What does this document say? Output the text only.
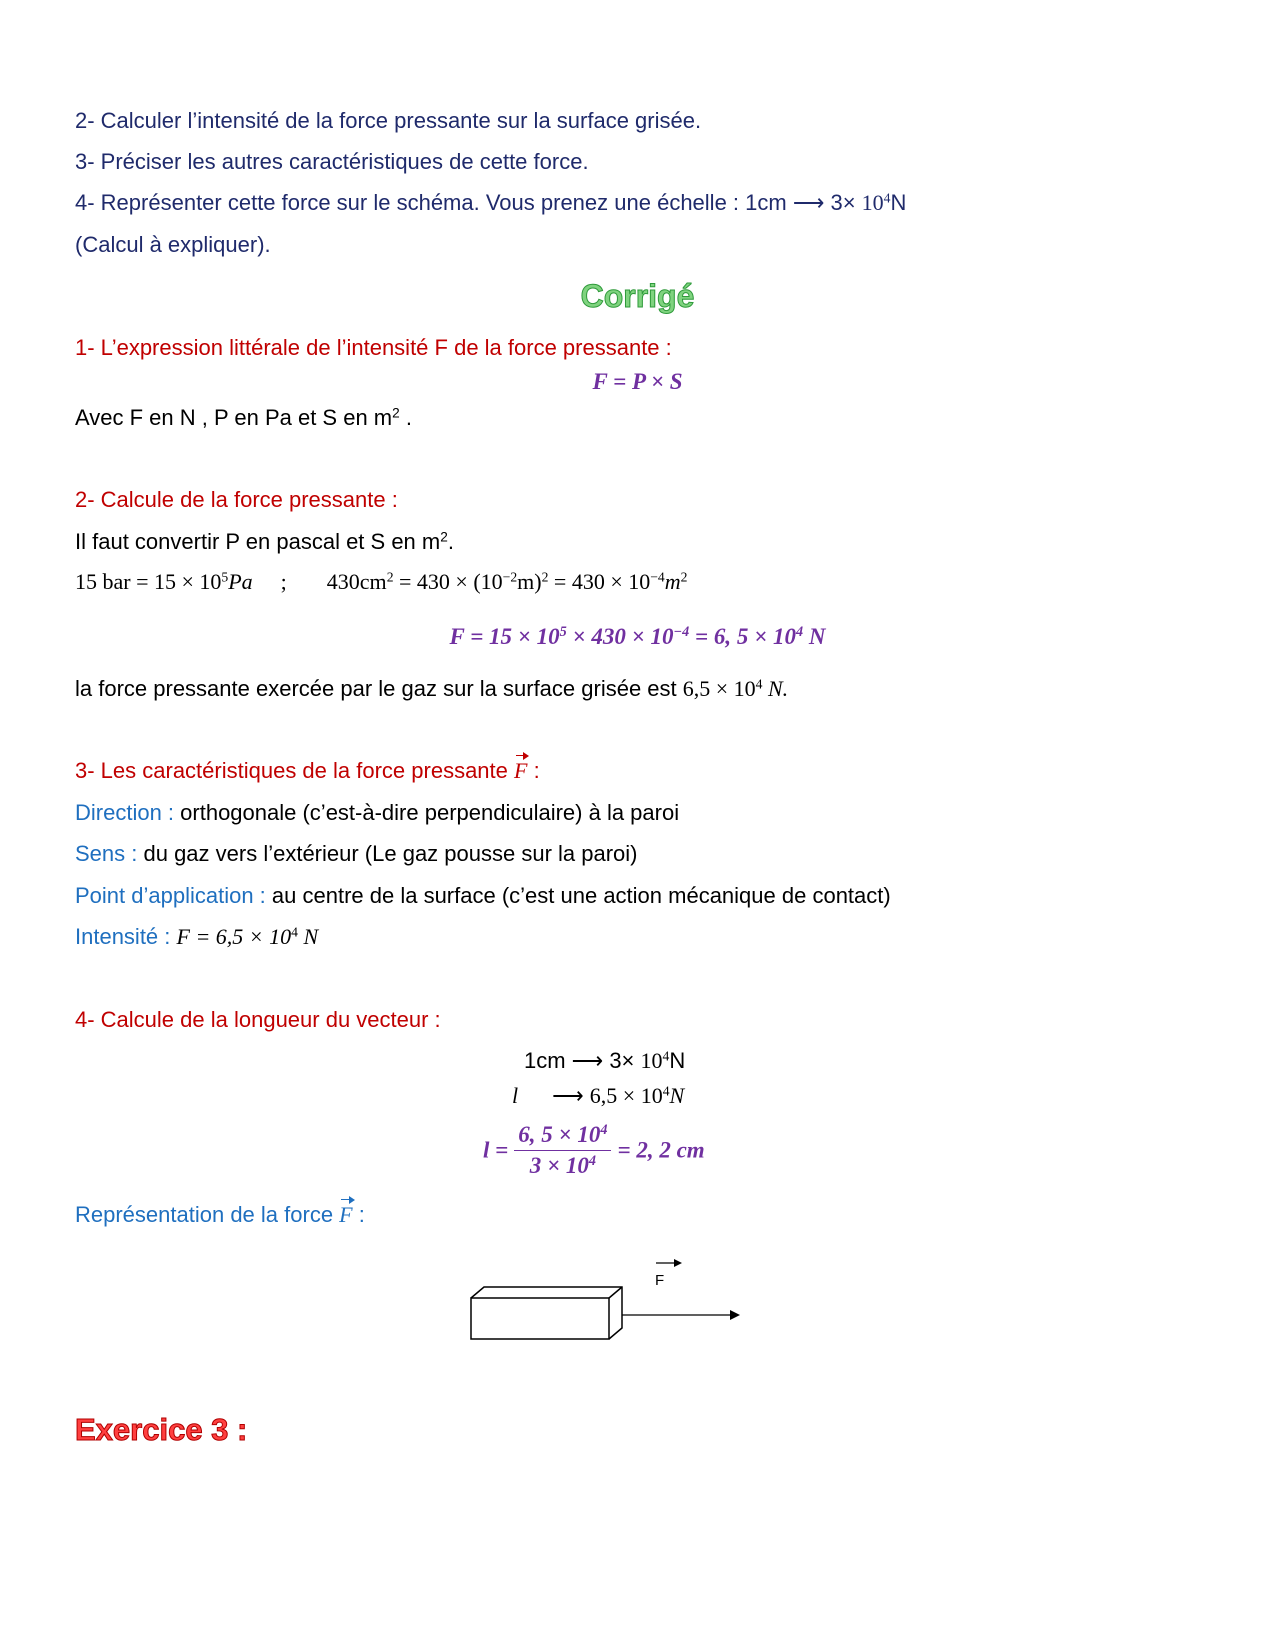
2- Calculer l’intensité de la force pressante sur la surface grisée.
3- Préciser les autres caractéristiques de cette force.
4- Représenter cette force sur le schéma. Vous prenez une échelle : 1cm ⟶ $3\times 10^4N$
(Calcul à expliquer).
Corrigé
1- L’expression littérale de l’intensité F de la force pressante :
F = P × S
Avec F en N , P en Pa et S en $m^2$ .
2- Calcule de la force pressante :
Il faut convertir P en pascal et S en $m^2$.
15 bar = $15 \times 10^5Pa$ ; $430cm^2 = 430 \times (10^{-2}m)^2 = 430 \times 10^{-4}m^2$
$F = 15 \times 10^5 \times 430 \times 10^{-4} = 6$, $5 \times 10^4$ N
la force pressante exercée par le gaz sur la surface grisée est $6,5 \times 10^4$ N.
3- Les caractéristiques de la force pressante F :
Direction : orthogonale (c’est-à-dire perpendiculaire) à la paroi
Sens : du gaz vers l’extérieur (Le gaz pousse sur la paroi)
Point d’application : au centre de la surface (c’est une action mécanique de contact)
Intensité : $F = 6,5 \times 10^4$ N
4- Calcule de la longueur du vecteur :
1cm ⟶ $3\times 10^4N$
l ⟶ $6,5 \times 10^4N$
$l = \frac{6, 5 \times 10^4}{3 \times 10^4} = 2$, 2 cm
Représentation de la force F :
F
Exercice 3 :
